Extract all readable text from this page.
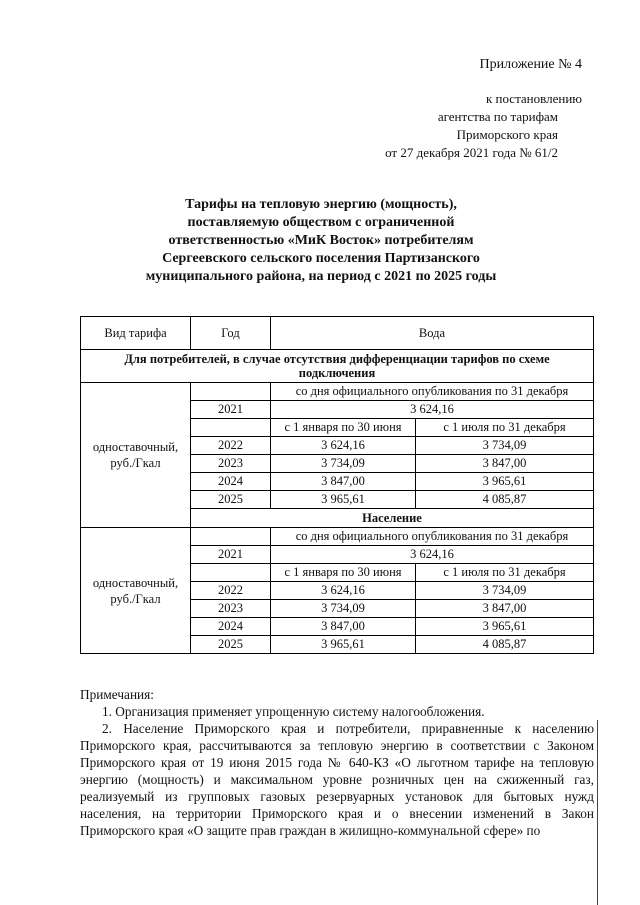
Приложение № 4
к постановлению
агентства по тарифам
Приморского края
от 27 декабря 2021 года № 61/2
Тарифы на тепловую энергию (мощность),
поставляемую обществом с ограниченной
ответственностью «МиК Восток» потребителям
Сергеевского сельского поселения Партизанского
муниципального района, на период с 2021 по 2025 годы
Вид тарифа	Год	Вода	
Для потребителей, в случае отсутствия дифференциации тарифов по схеме подключения			
одноставочный, руб./Гкал		со дня официального опубликования по 31 декабря	
	2021	3 624,16	
		с 1 января по 30 июня	с 1 июля по 31 декабря
	2022	3 624,16	3 734,09
	2023	3 734,09	3 847,00
	2024	3 847,00	3 965,61
	2025	3 965,61	4 085,87
	Население		
одноставочный, руб./Гкал		со дня официального опубликования по 31 декабря	
	2021	3 624,16	
		с 1 января по 30 июня	с 1 июля по 31 декабря
	2022	3 624,16	3 734,09
	2023	3 734,09	3 847,00
	2024	3 847,00	3 965,61
	2025	3 965,61	4 085,87

Примечания:

1. Организация применяет упрощенную систему налогообложения.

2. Население Приморского края и потребители, приравненные к населению Приморского края, рассчитываются за тепловую энергию в соответствии с Законом Приморского края от 19 июня 2015 года № 640-КЗ «О льготном тарифе на тепловую энергию (мощность) и максимальном уровне розничных цен на сжиженный газ, реализуемый из групповых газовых резервуарных установок для бытовых нужд населения, на территории Приморского края и о внесении изменений в Закон Приморского края «О защите прав граждан в жилищно-коммунальной сфере» по
